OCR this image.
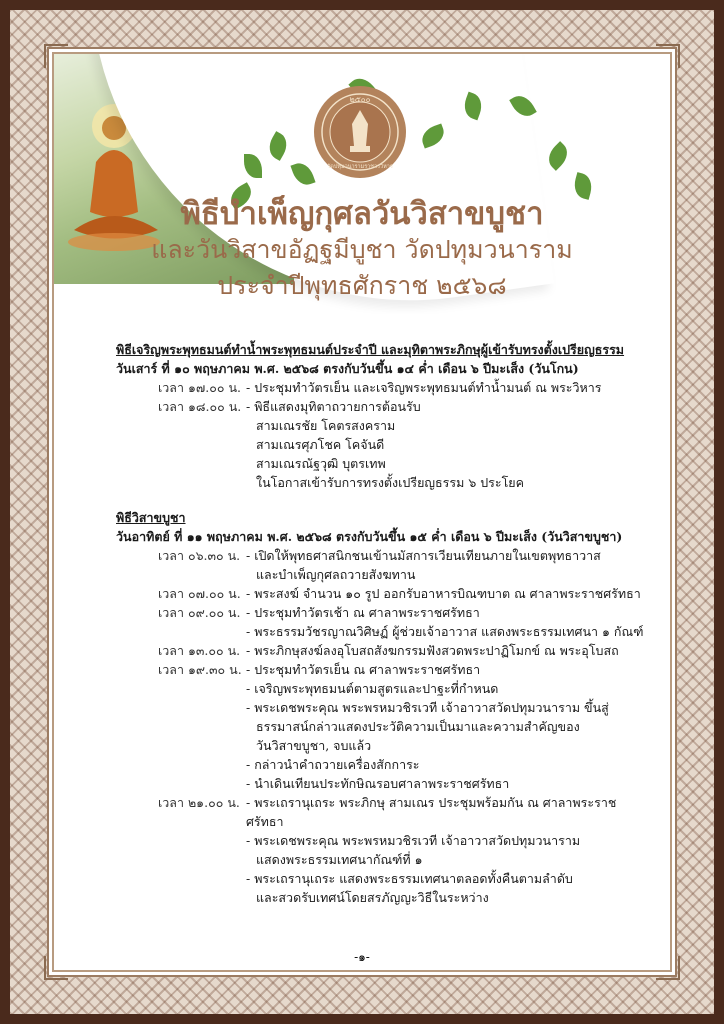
๒๕๐๐
วัดปทุมวนารามราชวรวิหาร
พิธีบำเพ็ญกุศลวันวิสาขบูชา
และวันวิสาขอัฏฐมีบูชา วัดปทุมวนาราม
ประจำปีพุทธศักราช ๒๕๖๘
พิธีเจริญพระพุทธมนต์ทำน้ำพระพุทธมนต์ประจำปี และมุทิตาพระภิกษุผู้เข้ารับทรงตั้งเปรียญธรรม
วันเสาร์ ที่ ๑๐ พฤษภาคม พ.ศ. ๒๕๖๘ ตรงกับวันขึ้น ๑๔ ค่ำ เดือน ๖ ปีมะเส็ง (วันโกน)
เวลา ๑๗.๐๐ น. - ประชุมทำวัตรเย็น และเจริญพระพุทธมนต์ทำน้ำมนต์ ณ พระวิหาร
เวลา ๑๘.๐๐ น. - พิธีแสดงมุทิตาถวายการต้อนรับ
สามเณรชัย โคตรสงคราม
สามเณรศุภโชค โคจันดี
สามเณรณัฐวุฒิ บุตรเทพ
ในโอกาสเข้ารับการทรงตั้งเปรียญธรรม ๖ ประโยค
พิธีวิสาขบูชา
วันอาทิตย์ ที่ ๑๑ พฤษภาคม พ.ศ. ๒๕๖๘ ตรงกับวันขึ้น ๑๕ ค่ำ เดือน ๖ ปีมะเส็ง (วันวิสาขบูชา)
เวลา ๐๖.๓๐ น. - เปิดให้พุทธศาสนิกชนเข้านมัสการเวียนเทียนภายในเขตพุทธาวาส
และบำเพ็ญกุศลถวายสังฆทาน
เวลา ๐๗.๐๐ น. - พระสงฆ์ จำนวน ๑๐ รูป ออกรับอาหารบิณฑบาต ณ ศาลาพระราชศรัทธา
เวลา ๐๙.๐๐ น. - ประชุมทำวัตรเช้า ณ ศาลาพระราชศรัทธา
- พระธรรมวัชรญาณวิศิษฏ์ ผู้ช่วยเจ้าอาวาส แสดงพระธรรมเทศนา ๑ กัณฑ์
เวลา ๑๓.๐๐ น. - พระภิกษุสงฆ์ลงอุโบสถสังฆกรรมฟังสวดพระปาฏิโมกข์ ณ พระอุโบสถ
เวลา ๑๙.๓๐ น. - ประชุมทำวัตรเย็น ณ ศาลาพระราชศรัทธา
- เจริญพระพุทธมนต์ตามสูตรและปาฐะที่กำหนด
- พระเดชพระคุณ พระพรหมวชิรเวที เจ้าอาวาสวัดปทุมวนาราม ขึ้นสู่
ธรรมาสน์กล่าวแสดงประวัติความเป็นมาและความสำคัญของ
วันวิสาขบูชา, จบแล้ว
- กล่าวนำคำถวายเครื่องสักการะ
- นำเดินเทียนประทักษิณรอบศาลาพระราชศรัทธา
เวลา ๒๑.๐๐ น. - พระเถรานุเถระ พระภิกษุ สามเณร ประชุมพร้อมกัน ณ ศาลาพระราชศรัทธา
- พระเดชพระคุณ พระพรหมวชิรเวที เจ้าอาวาสวัดปทุมวนาราม
แสดงพระธรรมเทศนากัณฑ์ที่ ๑
- พระเถรานุเถระ แสดงพระธรรมเทศนาตลอดทั้งคืนตามลำดับ
และสวดรับเทศน์โดยสรภัญญะวิธีในระหว่าง
-๑-
